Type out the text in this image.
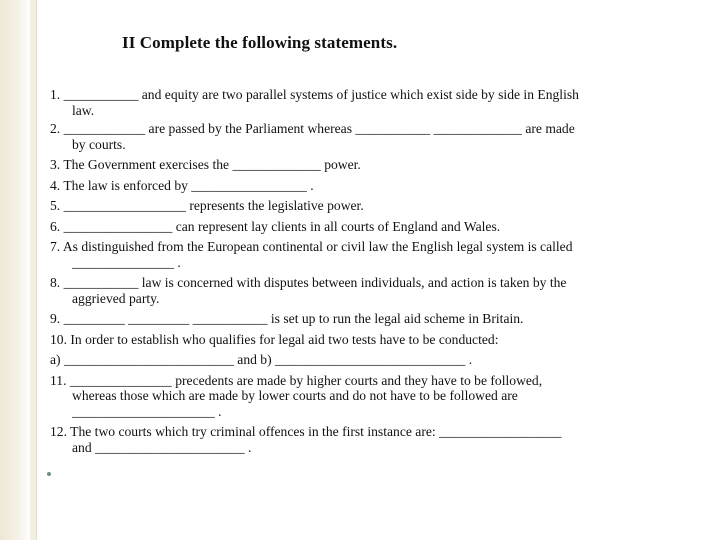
II Complete the following statements.
1. ___________ and equity are two parallel systems of justice which exist side by side in English
law.
2. ____________ are passed by the Parliament whereas ___________ _____________ are made
by courts.
3. The Government exercises the _____________ power.
4. The law is enforced by _________________ .
5. __________________ represents the legislative power.
6. ________________ can represent lay clients in all courts of England and Wales.
7. As distinguished from the European continental or civil law the English legal system is called
_______________ .
8. ___________ law is concerned with disputes between individuals, and action is taken by the
aggrieved party.
9. _________ _________ ___________ is set up to run the legal aid scheme in Britain.
10. In order to establish who qualifies for legal aid two tests have to be conducted:
a) _________________________ and b) ____________________________ .
11. _______________ precedents are made by higher courts and they have to be followed,
whereas those which are made by lower courts and do not have to be followed are
_____________________ .
12. The two courts which try criminal offences in the first instance are: __________________
and ______________________ .
